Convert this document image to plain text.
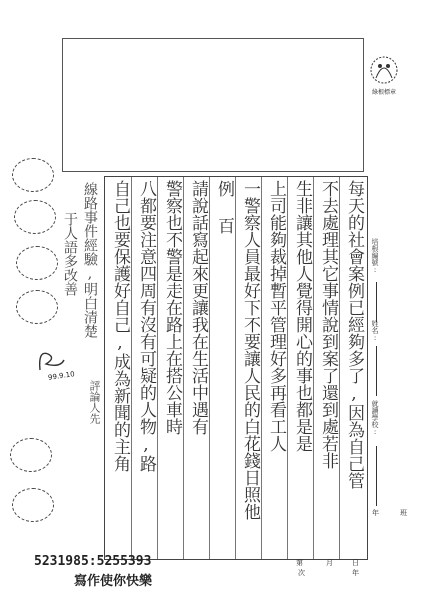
綠根標章
線路事件經驗,明白清楚
于人語多改善
評論人先
99.9.10	每天的社會案例已經夠多了,因為自己管
不去處理其它事情說到案了還到處若非
生非讓其他人覺得開心的事也都是是
上司能夠裁掉暫平管理好多再看工人
一警察人員最好下不要讓人民的白花錢日照他
例 百
請說話寫起來更讓我在生活中遇有
警察也不警是走在路上在搭公車時
八都要注意四周有沒有可疑的人物,路
自己也要保護好自己,成為新聞的主角	培根編號:
姓名:
就讀學校:
年	班
第	月	日
次	年
5231985:5255393
寫作使你快樂
